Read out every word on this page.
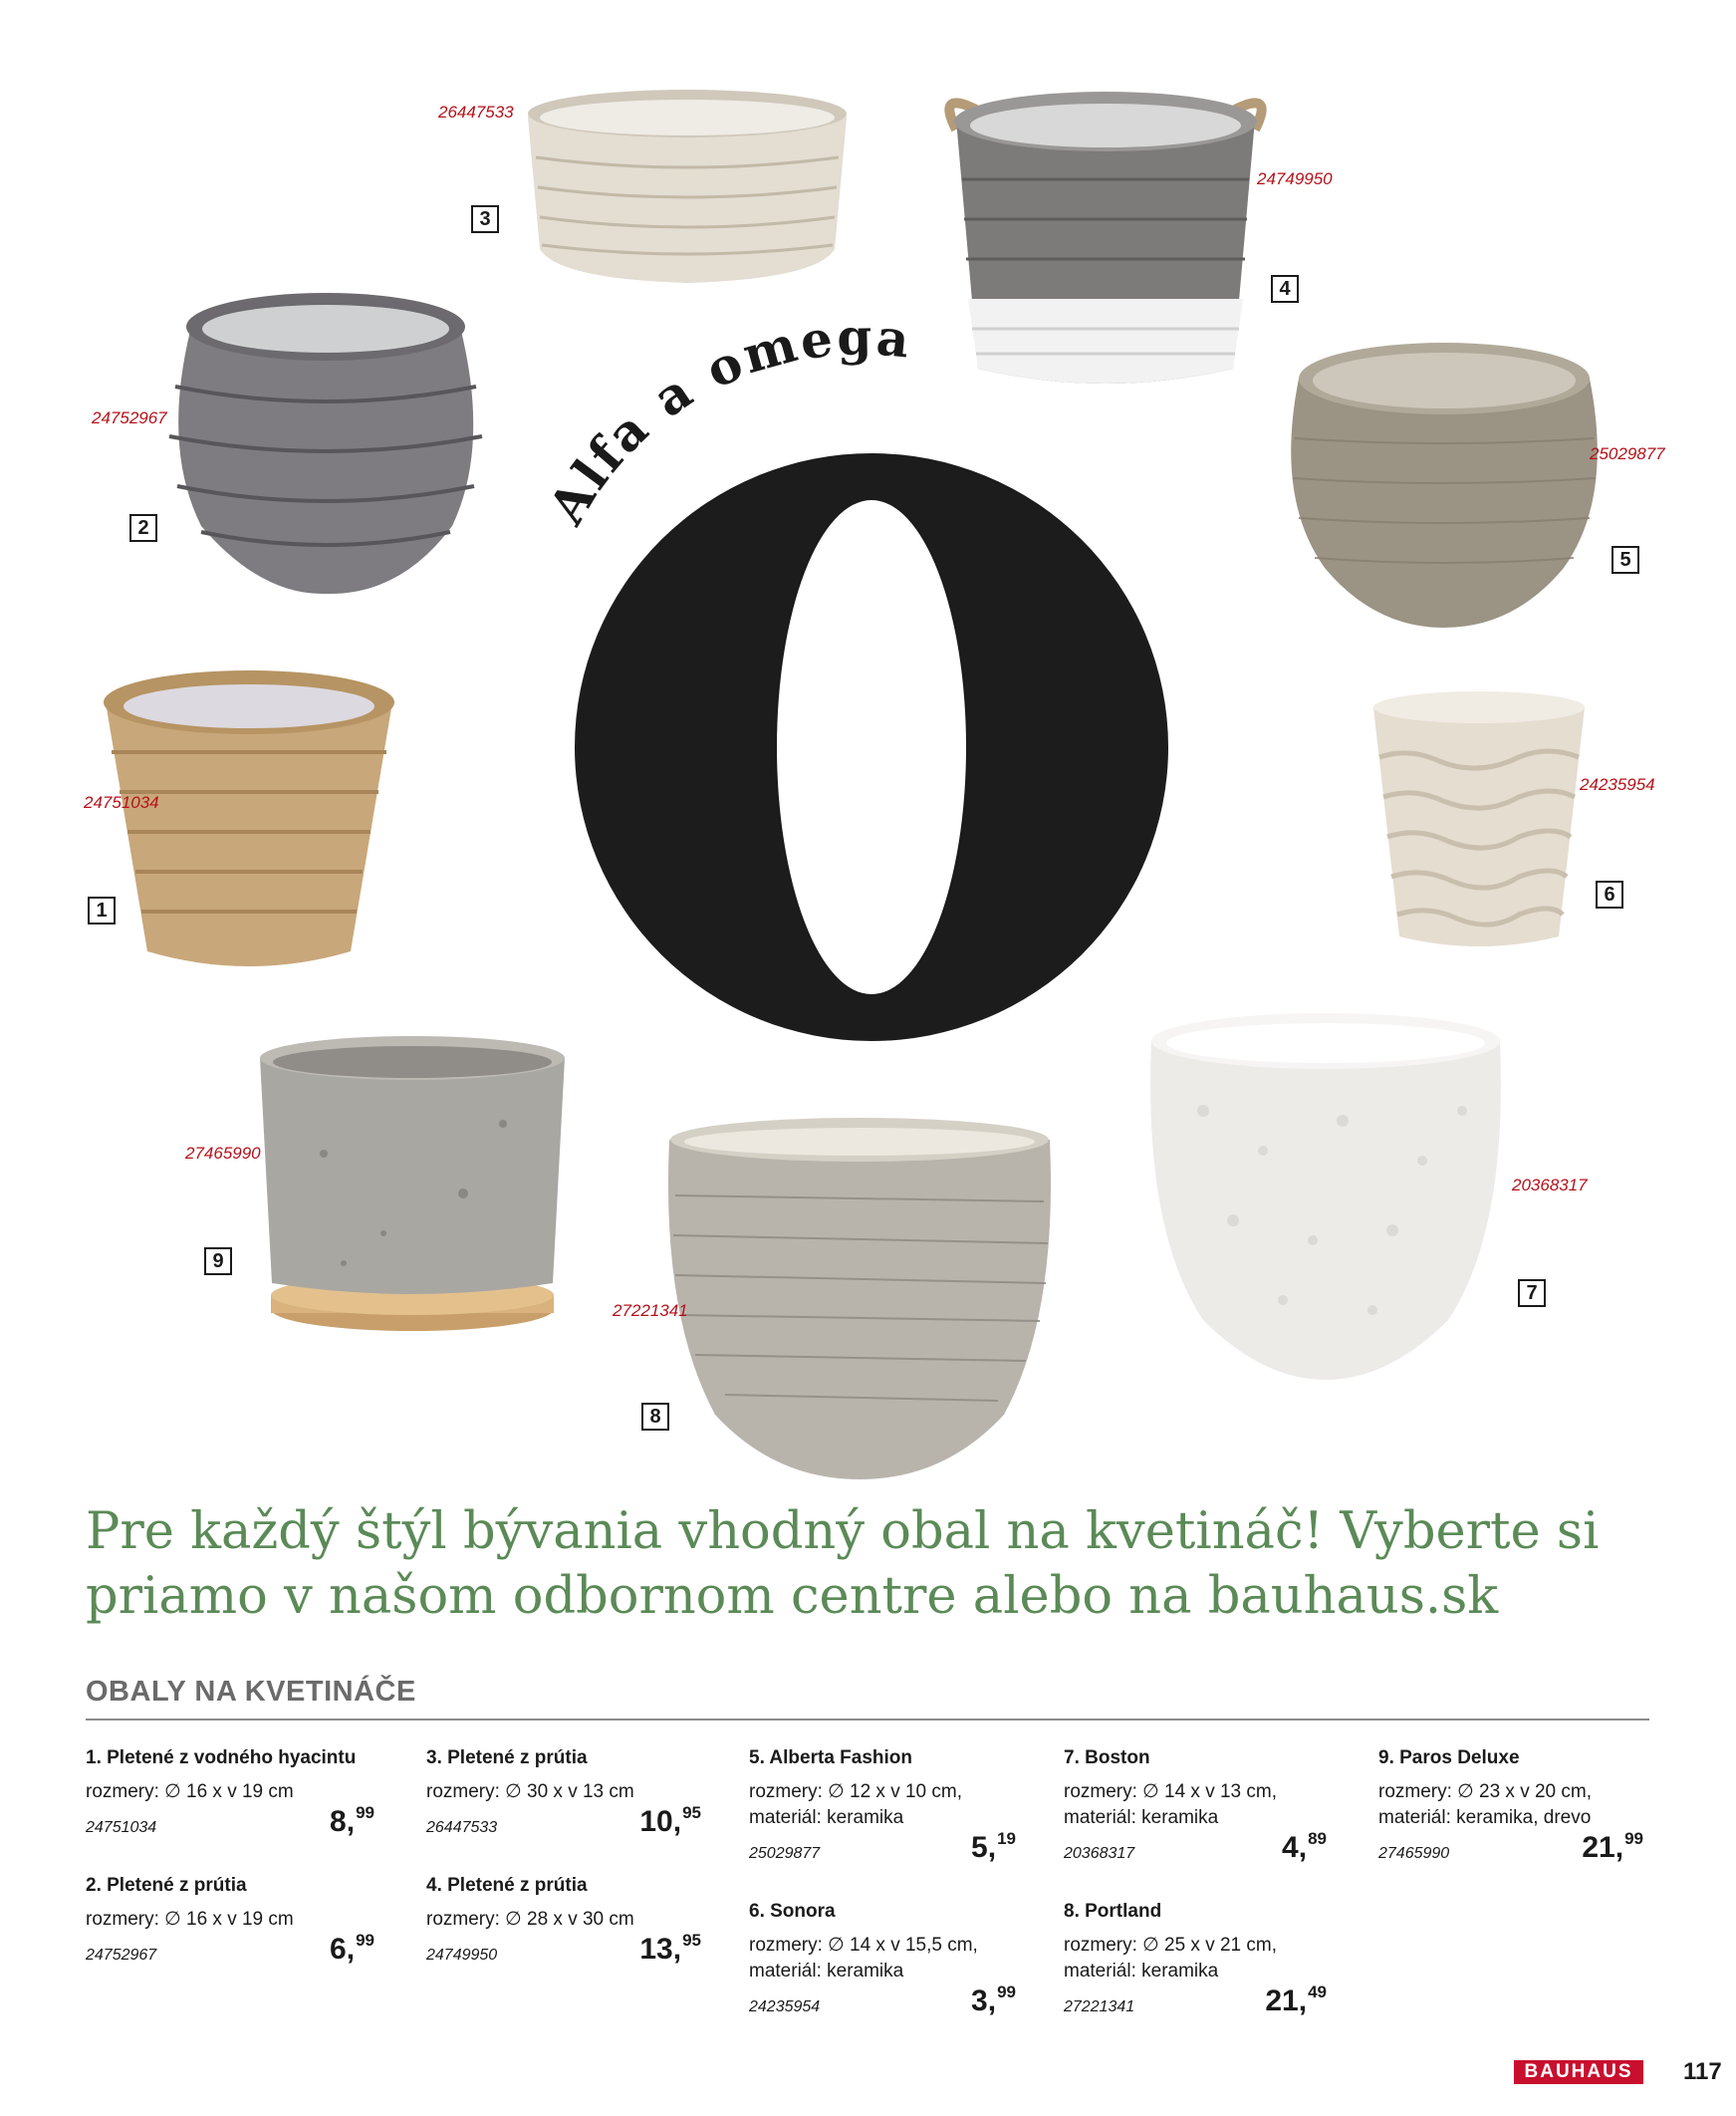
Alfa a omega
26447533
3
24749950
4
24752967
2
25029877
5
24751034
1
24235954
6
27465990
9
27221341
8
20368317
7
Pre každý štýl bývania vhodný obal na kvetináč! Vyberte si
priamo v našom odbornom centre alebo na bauhaus.sk
OBALY NA KVETINÁČE
1. Pletené z vodného hyacintu
rozmery: ∅ 16 x v 19 cm
24751034	8, 99
2. Pletené z prútia
rozmery: ∅ 16 x v 19 cm
24752967	6, 99
3. Pletené z prútia
rozmery: ∅ 30 x v 13 cm
26447533	10, 95
4. Pletené z prútia
rozmery: ∅ 28 x v 30 cm
24749950	13, 95
5. Alberta Fashion
rozmery: ∅ 12 x v 10 cm,
materiál: keramika
25029877	5, 19
6. Sonora
rozmery: ∅ 14 x v 15,5 cm,
materiál: keramika
24235954	3, 99
7. Boston
rozmery: ∅ 14 x v 13 cm,
materiál: keramika
20368317	4, 89
8. Portland
rozmery: ∅ 25 x v 21 cm,
materiál: keramika
27221341	21, 49
9. Paros Deluxe
rozmery: ∅ 23 x v 20 cm,
materiál: keramika, drevo
27465990	21, 99
BAUHAUS	117
